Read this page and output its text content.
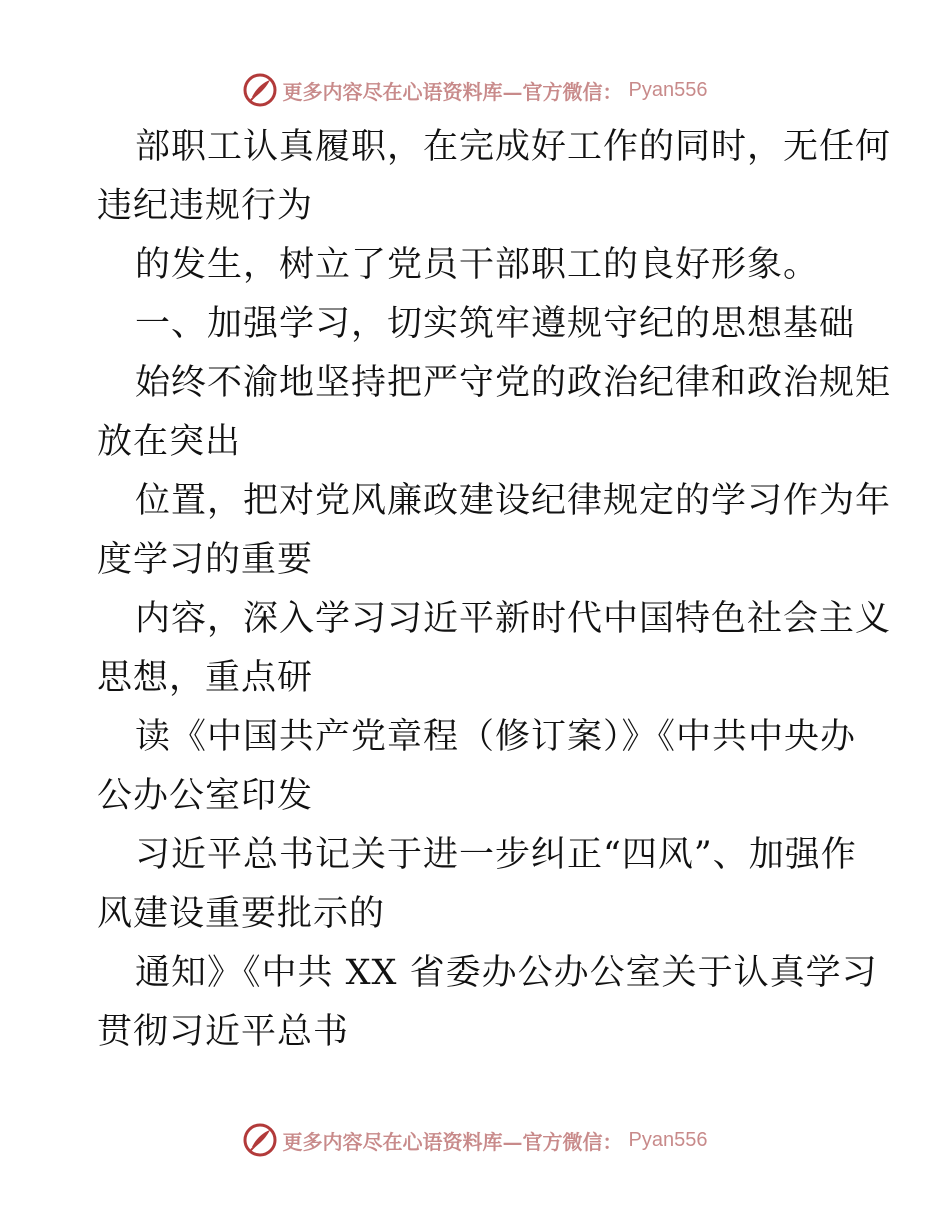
更多内容尽在心语资料库—官方微信： Pyan556
部职工认真履职，在完成好工作的同时，无任何
违纪违规行为
的发生，树立了党员干部职工的良好形象。
一、加强学习，切实筑牢遵规守纪的思想基础
始终不渝地坚持把严守党的政治纪律和政治规矩
放在突出
位置，把对党风廉政建设纪律规定的学习作为年
度学习的重要
内容，深入学习习近平新时代中国特色社会主义
思想，重点研
读《中国共产党章程（修订案）》《中共中央办
公办公室印发
习近平总书记关于进一步纠正“四风”、加强作
风建设重要批示的
通知》《中共 XX 省委办公办公室关于认真学习
贯彻习近平总书
更多内容尽在心语资料库—官方微信： Pyan556
